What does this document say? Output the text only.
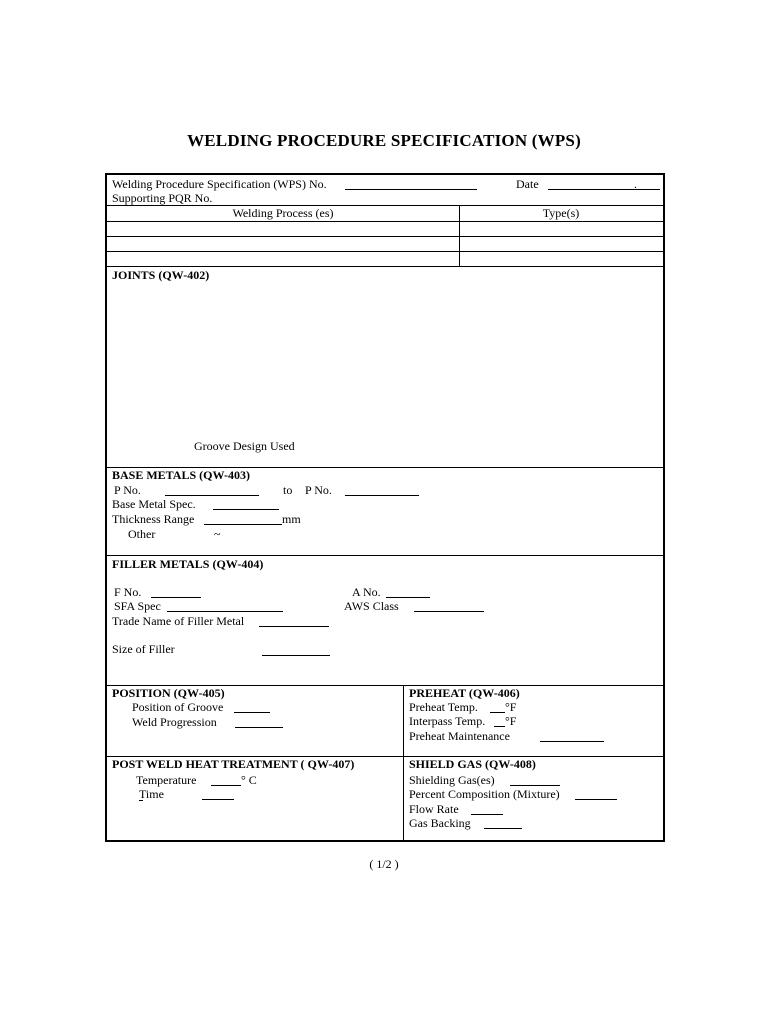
WELDING PROCEDURE SPECIFICATION (WPS)
Welding Procedure Specification (WPS) No.	Date	.
Supporting PQR No.
Welding Process (es)	Type(s)
JOINTS (QW-402)
Groove Design Used
BASE METALS (QW-403)
P No.	to P No.
Base Metal Spec.
Thickness Range	mm
Other	~
FILLER METALS (QW-404)
F No.	A No.
SFA Spec	AWS Class
Trade Name of Filler Metal
Size of Filler
POSITION (QW-405)
Position of Groove
Weld Progression
PREHEAT (QW-406)
Preheat Temp. °F
Interpass Temp. °F
Preheat Maintenance
POST WELD HEAT TREATMENT ( QW-407)
Temperature	° C
Time
SHIELD GAS (QW-408)
Shielding Gas(es)
Percent Composition (Mixture)
Flow Rate
Gas Backing
( 1/2 )
